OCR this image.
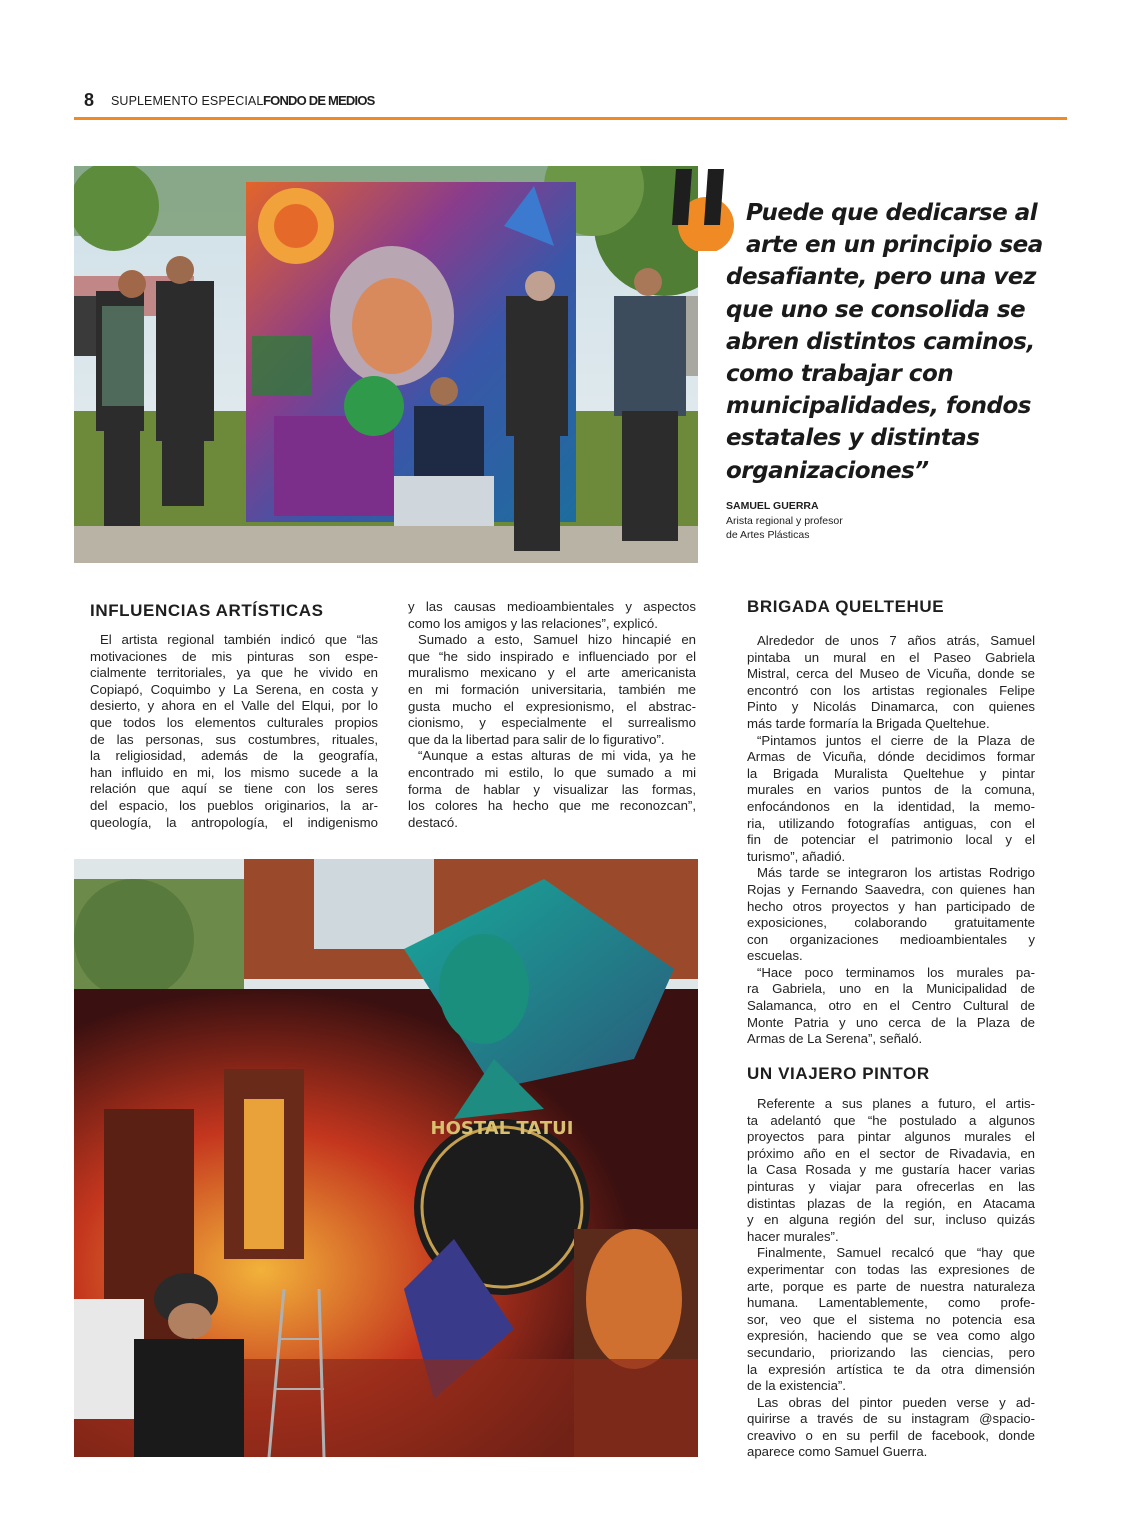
8 SUPLEMENTO ESPECIAL FONDO DE MEDIOS
Puede que dedicarse al
arte en un principio sea
desafiante, pero una vez
que uno se consolida se
abren distintos caminos,
como trabajar con
municipalidades, fondos
estatales y distintas
organizaciones”
SAMUEL GUERRA
Arista regional y profesor
de Artes Plásticas
INFLUENCIAS ARTÍSTICAS
El artista regional también indicó que “las
motivaciones de mis pinturas son espe-
cialmente territoriales, ya que he vivido en
Copiapó, Coquimbo y La Serena, en costa y
desierto, y ahora en el Valle del Elqui, por lo
que todos los elementos culturales propios
de las personas, sus costumbres, rituales,
la religiosidad, además de la geografía,
han influido en mi, los mismo sucede a la
relación que aquí se tiene con los seres
del espacio, los pueblos originarios, la ar-
queología, la antropología, el indigenismo
y las causas medioambientales y aspectos
como los amigos y las relaciones”, explicó.
Sumado a esto, Samuel hizo hincapié en
que “he sido inspirado e influenciado por el
muralismo mexicano y el arte americanista
en mi formación universitaria, también me
gusta mucho el expresionismo, el abstrac-
cionismo, y especialmente el surrealismo
que da la libertad para salir de lo figurativo”.
“Aunque a estas alturas de mi vida, ya he
encontrado mi estilo, lo que sumado a mi
forma de hablar y visualizar las formas,
los colores ha hecho que me reconozcan”,
destacó.
BRIGADA QUELTEHUE
Alrededor de unos 7 años atrás, Samuel
pintaba un mural en el Paseo Gabriela
Mistral, cerca del Museo de Vicuña, donde se
encontró con los artistas regionales Felipe
Pinto y Nicolás Dinamarca, con quienes
más tarde formaría la Brigada Queltehue.
“Pintamos juntos el cierre de la Plaza de
Armas de Vicuña, dónde decidimos formar
la Brigada Muralista Queltehue y pintar
murales en varios puntos de la comuna,
enfocándonos en la identidad, la memo-
ria, utilizando fotografías antiguas, con el
fin de potenciar el patrimonio local y el
turismo”, añadió.
Más tarde se integraron los artistas Rodrigo
Rojas y Fernando Saavedra, con quienes han
hecho otros proyectos y han participado de
exposiciones, colaborando gratuitamente
con organizaciones medioambientales y
escuelas.
“Hace poco terminamos los murales pa-
ra Gabriela, uno en la Municipalidad de
Salamanca, otro en el Centro Cultural de
Monte Patria y uno cerca de la Plaza de
Armas de La Serena”, señaló.
UN VIAJERO PINTOR
Referente a sus planes a futuro, el artis-
ta adelantó que “he postulado a algunos
proyectos para pintar algunos murales el
próximo año en el sector de Rivadavia, en
la Casa Rosada y me gustaría hacer varias
pinturas y viajar para ofrecerlas en las
distintas plazas de la región, en Atacama
y en alguna región del sur, incluso quizás
hacer murales”.
Finalmente, Samuel recalcó que “hay que
experimentar con todas las expresiones de
arte, porque es parte de nuestra naturaleza
humana. Lamentablemente, como profe-
sor, veo que el sistema no potencia esa
expresión, haciendo que se vea como algo
secundario, priorizando las ciencias, pero
la expresión artística te da otra dimensión
de la existencia”.
Las obras del pintor pueden verse y ad-
quirirse a través de su instagram @spacio-
creavivo o en su perfil de facebook, donde
aparece como Samuel Guerra.
HOSTAL TATUI
